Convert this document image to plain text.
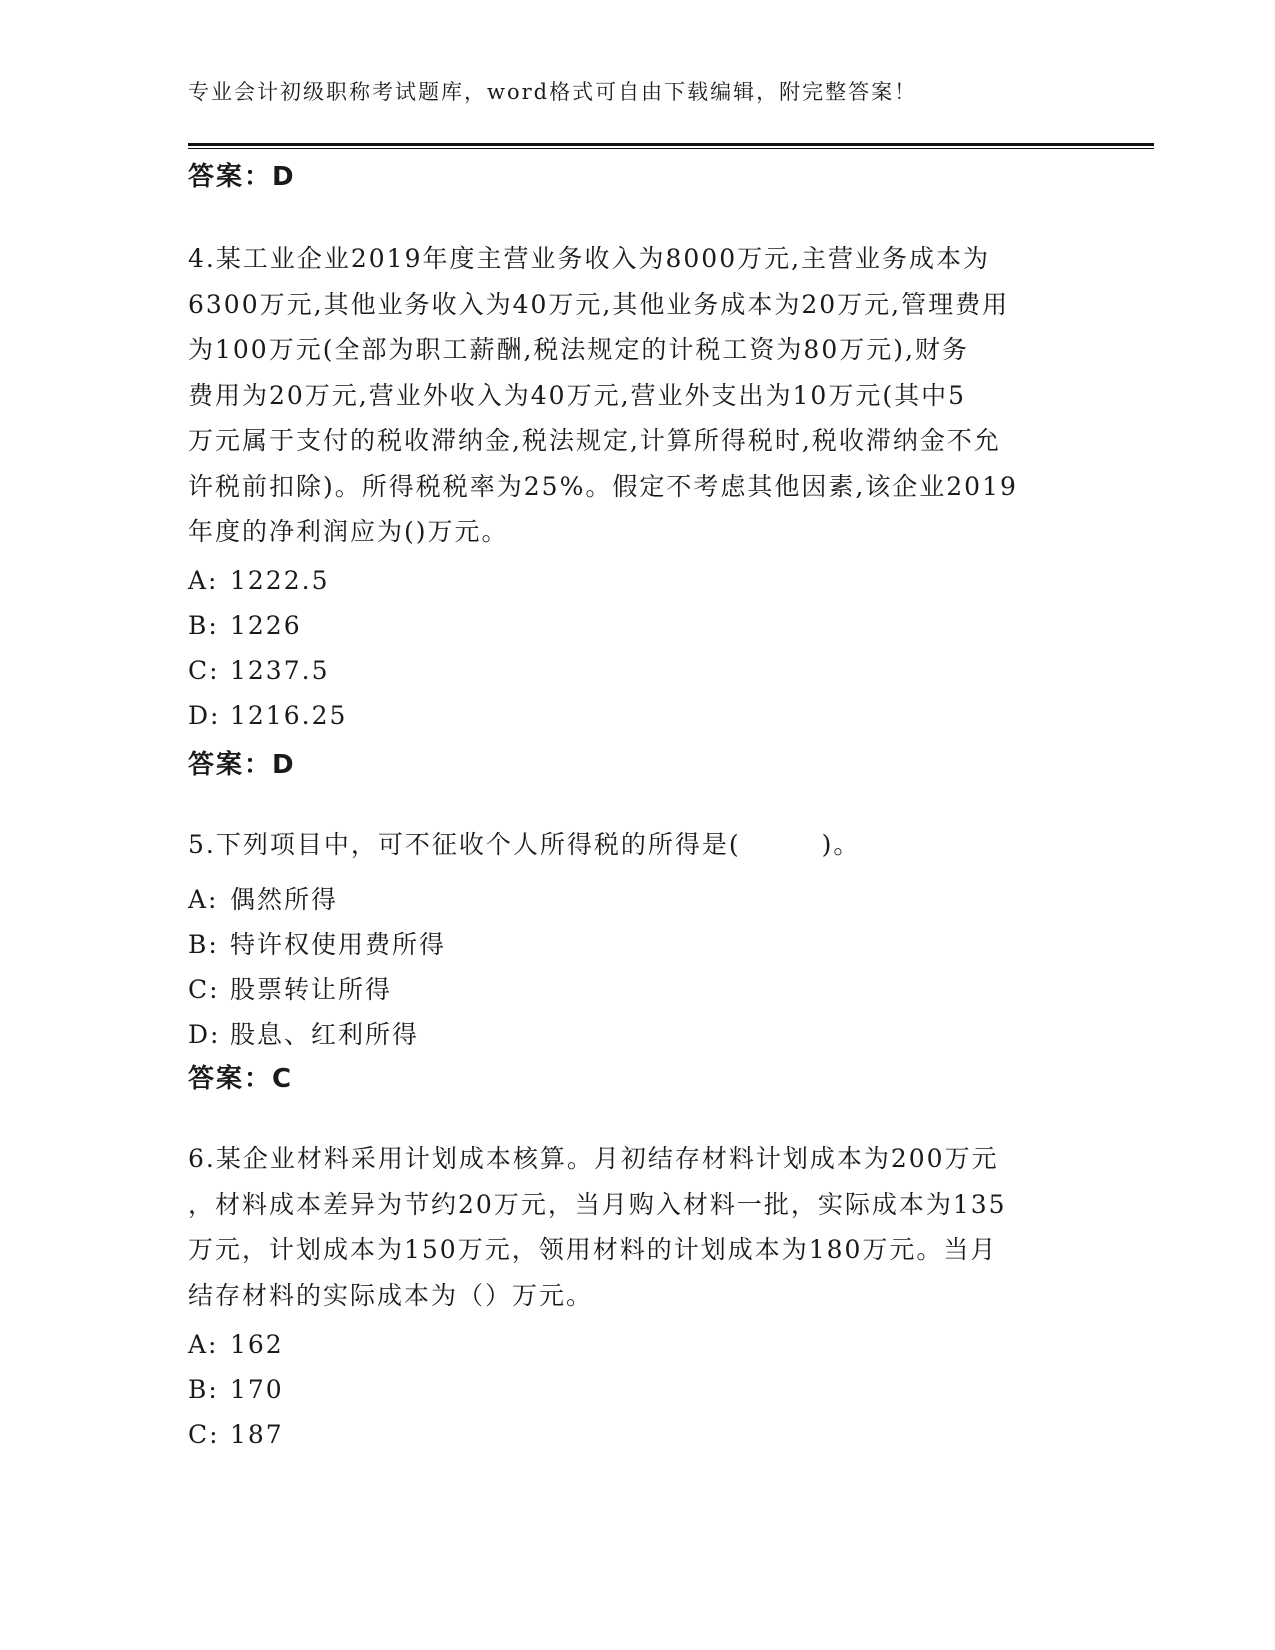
专业会计初级职称考试题库，word格式可自由下载编辑，附完整答案！
答案：D
4.某工业企业2019年度主营业务收入为8000万元,主营业务成本为
6300万元,其他业务收入为40万元,其他业务成本为20万元,管理费用
为100万元(全部为职工薪酬,税法规定的计税工资为80万元),财务
费用为20万元,营业外收入为40万元,营业外支出为10万元(其中5
万元属于支付的税收滞纳金,税法规定,计算所得税时,税收滞纳金不允
许税前扣除)。所得税税率为25%。假定不考虑其他因素,该企业2019
年度的净利润应为()万元。
A: 1222.5
B: 1226
C: 1237.5
D: 1216.25
答案：D
5.下列项目中，可不征收个人所得税的所得是(　　　)。
A: 偶然所得
B: 特许权使用费所得
C: 股票转让所得
D: 股息、红利所得
答案：C
6.某企业材料采用计划成本核算。月初结存材料计划成本为200万元
，材料成本差异为节约20万元，当月购入材料一批，实际成本为135
万元，计划成本为150万元，领用材料的计划成本为180万元。当月
结存材料的实际成本为（）万元。
A: 162
B: 170
C: 187
